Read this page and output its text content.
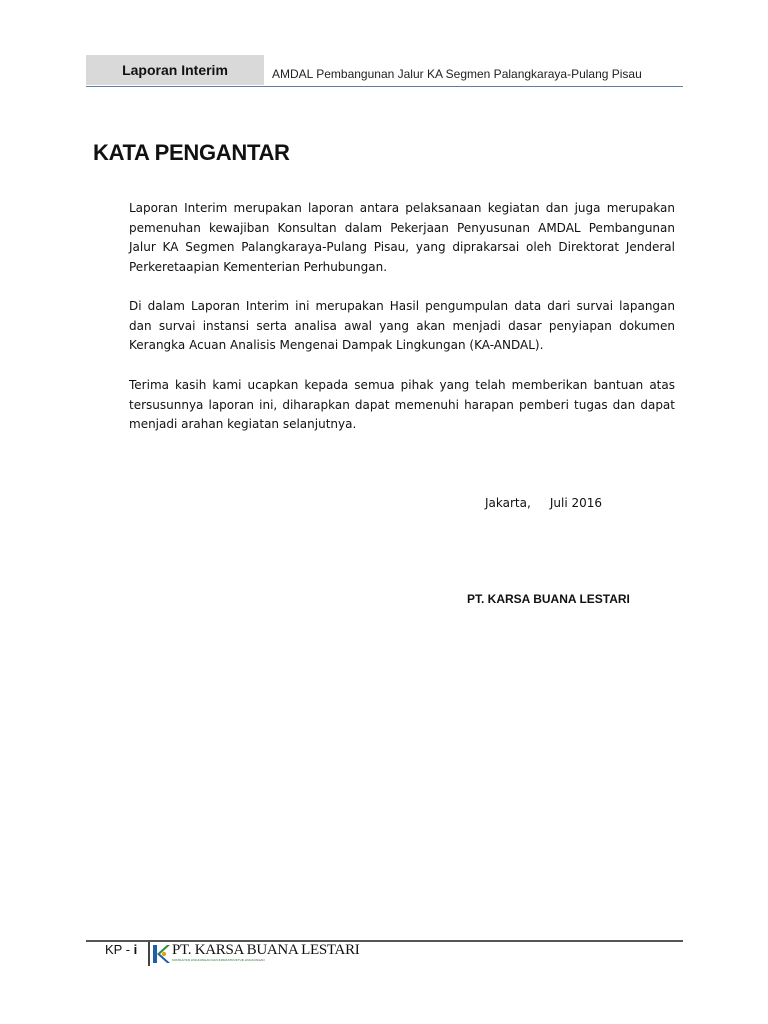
Laporan Interim	AMDAL Pembangunan Jalur KA Segmen Palangkaraya-Pulang Pisau
KATA PENGANTAR

Laporan Interim merupakan laporan antara pelaksanaan kegiatan dan juga merupakan pemenuhan kewajiban Konsultan dalam Pekerjaan Penyusunan AMDAL Pembangunan Jalur KA Segmen Palangkaraya-Pulang Pisau, yang diprakarsai oleh Direktorat Jenderal Perkeretaapian Kementerian Perhubungan.

Di dalam Laporan Interim ini merupakan Hasil pengumpulan data dari survai lapangan dan survai instansi serta analisa awal yang akan menjadi dasar penyiapan dokumen Kerangka Acuan Analisis Mengenai Dampak Lingkungan (KA-ANDAL).

Terima kasih kami ucapkan kepada semua pihak yang telah memberikan bantuan atas tersusunnya laporan ini, diharapkan dapat memenuhi harapan pemberi tugas dan dapat menjadi arahan kegiatan selanjutnya.

Jakarta,     Juli 2016
PT. KARSA BUANA LESTARI
KP - i PT. KARSA BUANA LESTARI
KONSULTAN LINGKUNGAN DAN INFRASTRUKTUR LINGKUNGAN
